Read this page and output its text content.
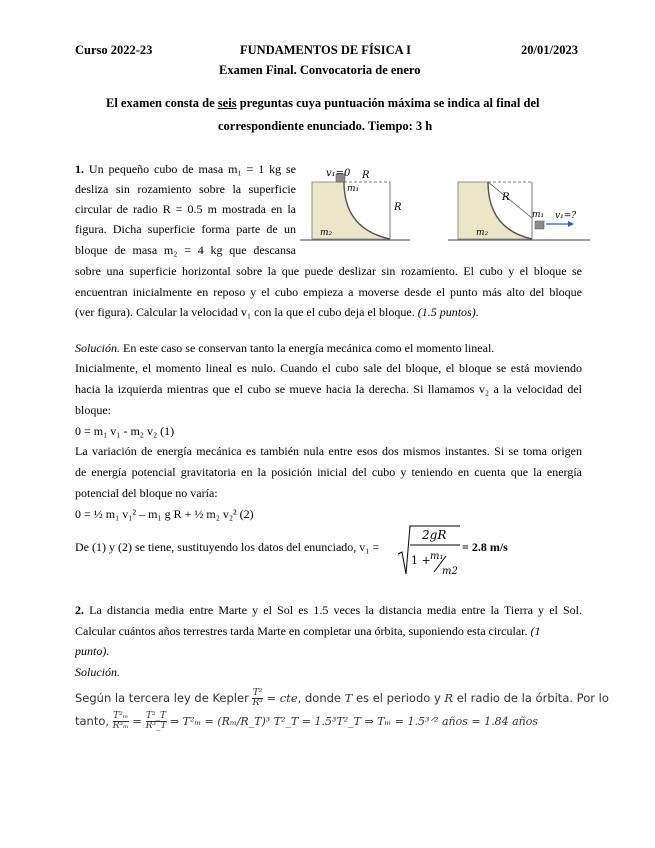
Curso 2022-23	FUNDAMENTOS DE FÍSICA I	20/01/2023
Examen Final. Convocatoria de enero
El examen consta de seis preguntas cuya puntuación máxima se indica al final del
correspondiente enunciado. Tiempo: 3 h
1. Un pequeño cubo de masa m₁ = 1 kg se
desliza sin rozamiento sobre la superficie
circular de radio R = 0.5 m mostrada en la
figura. Dicha superficie forma parte de un
bloque de masa m₂ = 4 kg que descansa
sobre una superficie horizontal sobre la que puede deslizar sin rozamiento. El cubo y el bloque se
encuentran inicialmente en reposo y el cubo empieza a moverse desde el punto más alto del bloque
(ver figura). Calcular la velocidad v₁ con la que el cubo deja el bloque. (1.5 puntos).
v₁=0 R
m₁
R
m₂
R
m₁ v₁=?
m₂
Solución. En este caso se conservan tanto la energía mecánica como el momento lineal.
Inicialmente, el momento lineal es nulo. Cuando el cubo sale del bloque, el bloque se está moviendo
hacia la izquierda mientras que el cubo se mueve hacia la derecha. Si llamamos v₂ a la velocidad del
bloque:
0 = m₁ v₁ - m₂ v₂ (1)
La variación de energía mecánica es también nula entre esos dos mismos instantes. Si se toma origen
de energía potencial gravitatoria en la posición inicial del cubo y teniendo en cuenta que la energía
potencial del bloque no varía:
0 = ½ m₁ v₁² – m₁ g R + ½ m₂ v₂² (2)
De (1) y (2) se tiene, sustituyendo los datos del enunciado, v₁ =
2gR
1 + m₁
m2
= 2.8 m/s
2. La distancia media entre Marte y el Sol es 1.5 veces la distancia media entre la Tierra y el Sol.
Calcular cuántos años terrestres tarda Marte en completar una órbita, suponiendo esta circular. (1
punto).
Solución.
Según la tercera ley de Kepler $\frac{\text{T²}}{\text{R³}}$ = cte, donde T es el periodo y R el radio de la órbita. Por lo
tanto, $\frac{\text{T²ₘ}}{\text{R³ₘ}} = \frac{\text{T²\_T}}{\text{R³\_T}}$ ⇒ T²ₘ = (Rₘ/R_T)³ T²_T = 1.5³T²_T ⇒ Tₘ = 1.5³ᐟ² años = 1.84 años
